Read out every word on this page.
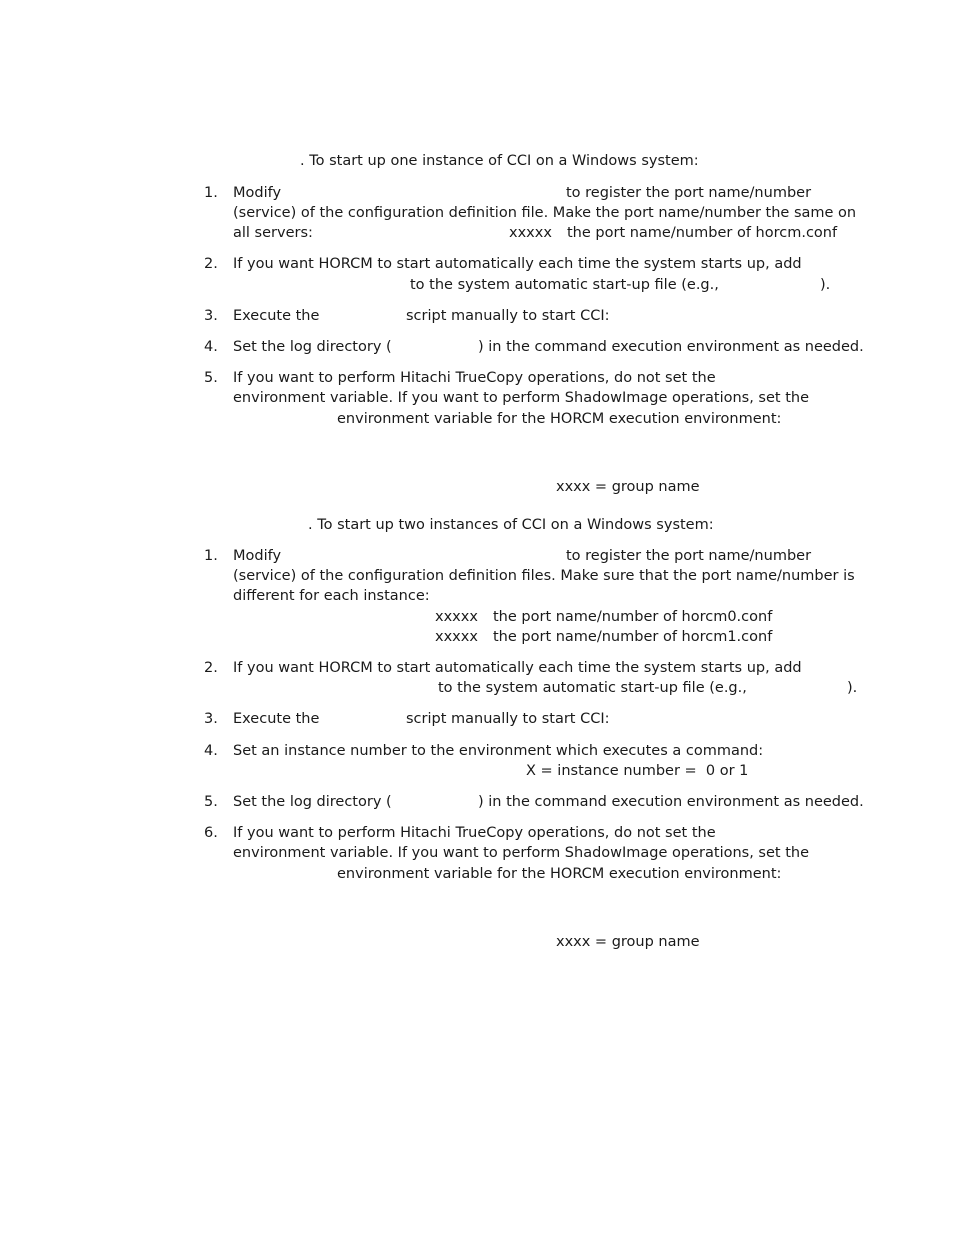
. To start up one instance of CCI on a Windows system:
1. Modify	to register the port name/number
(service) of the configuration definition file. Make the port name/number the same on
all servers:	xxxxx the port name/number of horcm.conf
2. If you want HORCM to start automatically each time the system starts up, add
to the system automatic start-up file (e.g.,	).
3. Execute the	script manually to start CCI:
4. Set the log directory (	) in the command execution environment as needed.
5. If you want to perform Hitachi TrueCopy operations, do not set the
environment variable. If you want to perform ShadowImage operations, set the
environment variable for the HORCM execution environment:
xxxx = group name
. To start up two instances of CCI on a Windows system:
1. Modify	to register the port name/number
(service) of the configuration definition files. Make sure that the port name/number is
different for each instance:
xxxxx the port name/number of horcm0.conf
xxxxx the port name/number of horcm1.conf
2. If you want HORCM to start automatically each time the system starts up, add
to the system automatic start-up file (e.g.,	).
3. Execute the	script manually to start CCI:
4. Set an instance number to the environment which executes a command:
X = instance number =  0 or 1
5. Set the log directory (	) in the command execution environment as needed.
6. If you want to perform Hitachi TrueCopy operations, do not set the
environment variable. If you want to perform ShadowImage operations, set the
environment variable for the HORCM execution environment:
xxxx = group name
